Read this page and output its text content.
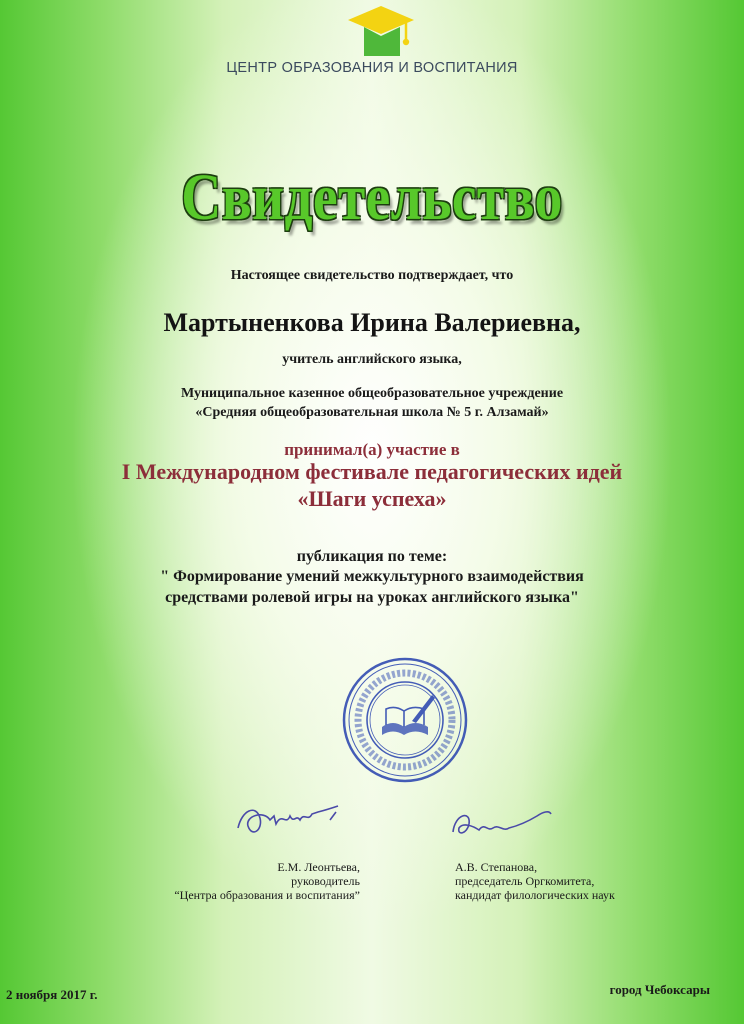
ЦЕНТР ОБРАЗОВАНИЯ И ВОСПИТАНИЯ
Свидетельство
Настоящее свидетельство подтверждает, что
Мартыненкова Ирина Валериевна,
учитель английского языка,
Муниципальное казенное общеобразовательное учреждение
«Средняя общеобразовательная школа № 5 г. Алзамай»
принимал(а) участие в
I Международном фестивале педагогических идей
«Шаги успеха»
публикация по теме:
" Формирование умений межкультурного взаимодействия
средствами ролевой игры на уроках английского языка"
Е.М. Леонтьева,
руководитель
“Центра образования и воспитания”
А.В. Степанова,
председатель Оргкомитета,
кандидат филологических наук
2 ноября 2017 г.	город Чебоксары
